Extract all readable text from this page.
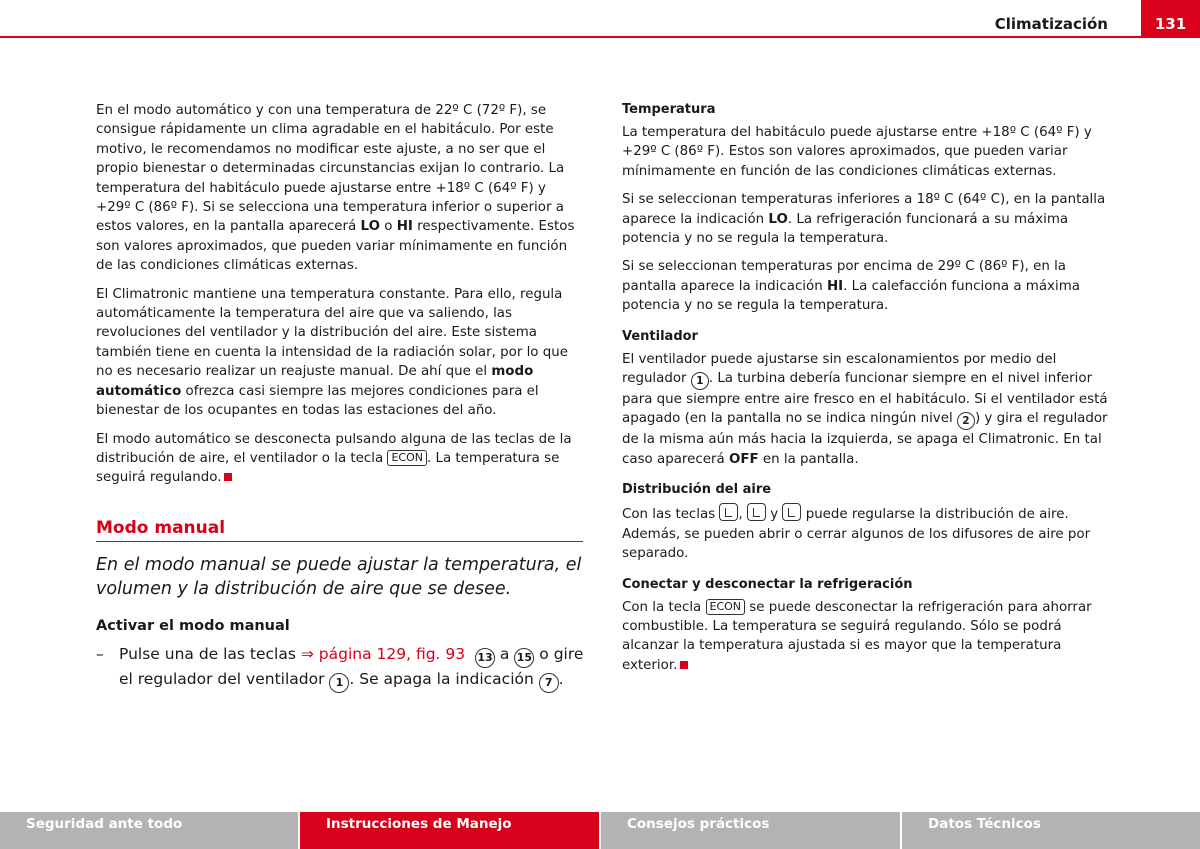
Climatización	131

En el modo automático y con una temperatura de 22º C (72º F), se consigue rápidamente un clima agradable en el habitáculo. Por este motivo, le recomendamos no modificar este ajuste, a no ser que el propio bienestar o determinadas circunstancias exijan lo contrario. La temperatura del habitáculo puede ajustarse entre +18º C (64º F) y +29º C (86º F). Si se selecciona una temperatura inferior o superior a estos valores, en la pantalla aparecerá LO o HI respectivamente. Estos son valores aproximados, que pueden variar mínimamente en función de las condiciones climáticas externas.

El Climatronic mantiene una temperatura constante. Para ello, regula automáticamente la temperatura del aire que va saliendo, las revoluciones del ventilador y la distribución del aire. Este sistema también tiene en cuenta la intensidad de la radiación solar, por lo que no es necesario realizar un reajuste manual. De ahí que el modo automático ofrezca casi siempre las mejores condiciones para el bienestar de los ocupantes en todas las estaciones del año.

El modo automático se desconecta pulsando alguna de las teclas de la distribución de aire, el ventilador o la tecla ECON . La temperatura se seguirá regulando.

Modo manual
En el modo manual se puede ajustar la temperatura, el volumen y la distribución de aire que se desee.
Activar el modo manual
– Pulse una de las teclas ⇒ página 129, fig. 93 13 a 15 o gire el regulador del ventilador 1 . Se apaga la indicación 7 .
Temperatura

La temperatura del habitáculo puede ajustarse entre +18º C (64º F) y +29º C (86º F). Estos son valores aproximados, que pueden variar mínimamente en función de las condiciones climáticas externas.

Si se seleccionan temperaturas inferiores a 18º C (64º C), en la pantalla aparece la indicación LO. La refrigeración funcionará a su máxima potencia y no se regula la temperatura.

Si se seleccionan temperaturas por encima de 29º C (86º F), en la pantalla aparece la indicación HI. La calefacción funciona a máxima potencia y no se regula la temperatura.

Ventilador

El ventilador puede ajustarse sin escalonamientos por medio del regulador 1 . La turbina debería funcionar siempre en el nivel inferior para que siempre entre aire fresco en el habitáculo. Si el ventilador está apagado (en la pantalla no se indica ningún nivel 2 ) y gira el regulador de la misma aún más hacia la izquierda, se apaga el Climatronic. En tal caso aparecerá OFF en la pantalla.

Distribución del aire

Con las teclas ,  y  puede regularse la distribución de aire. Además, se pueden abrir o cerrar algunos de los difusores de aire por separado.

Conectar y desconectar la refrigeración

Con la tecla ECON se puede desconectar la refrigeración para ahorrar combustible. La temperatura se seguirá regulando. Sólo se podrá alcanzar la temperatura ajustada si es mayor que la temperatura exterior.

Seguridad ante todo	Instrucciones de Manejo	Consejos prácticos	Datos Técnicos
